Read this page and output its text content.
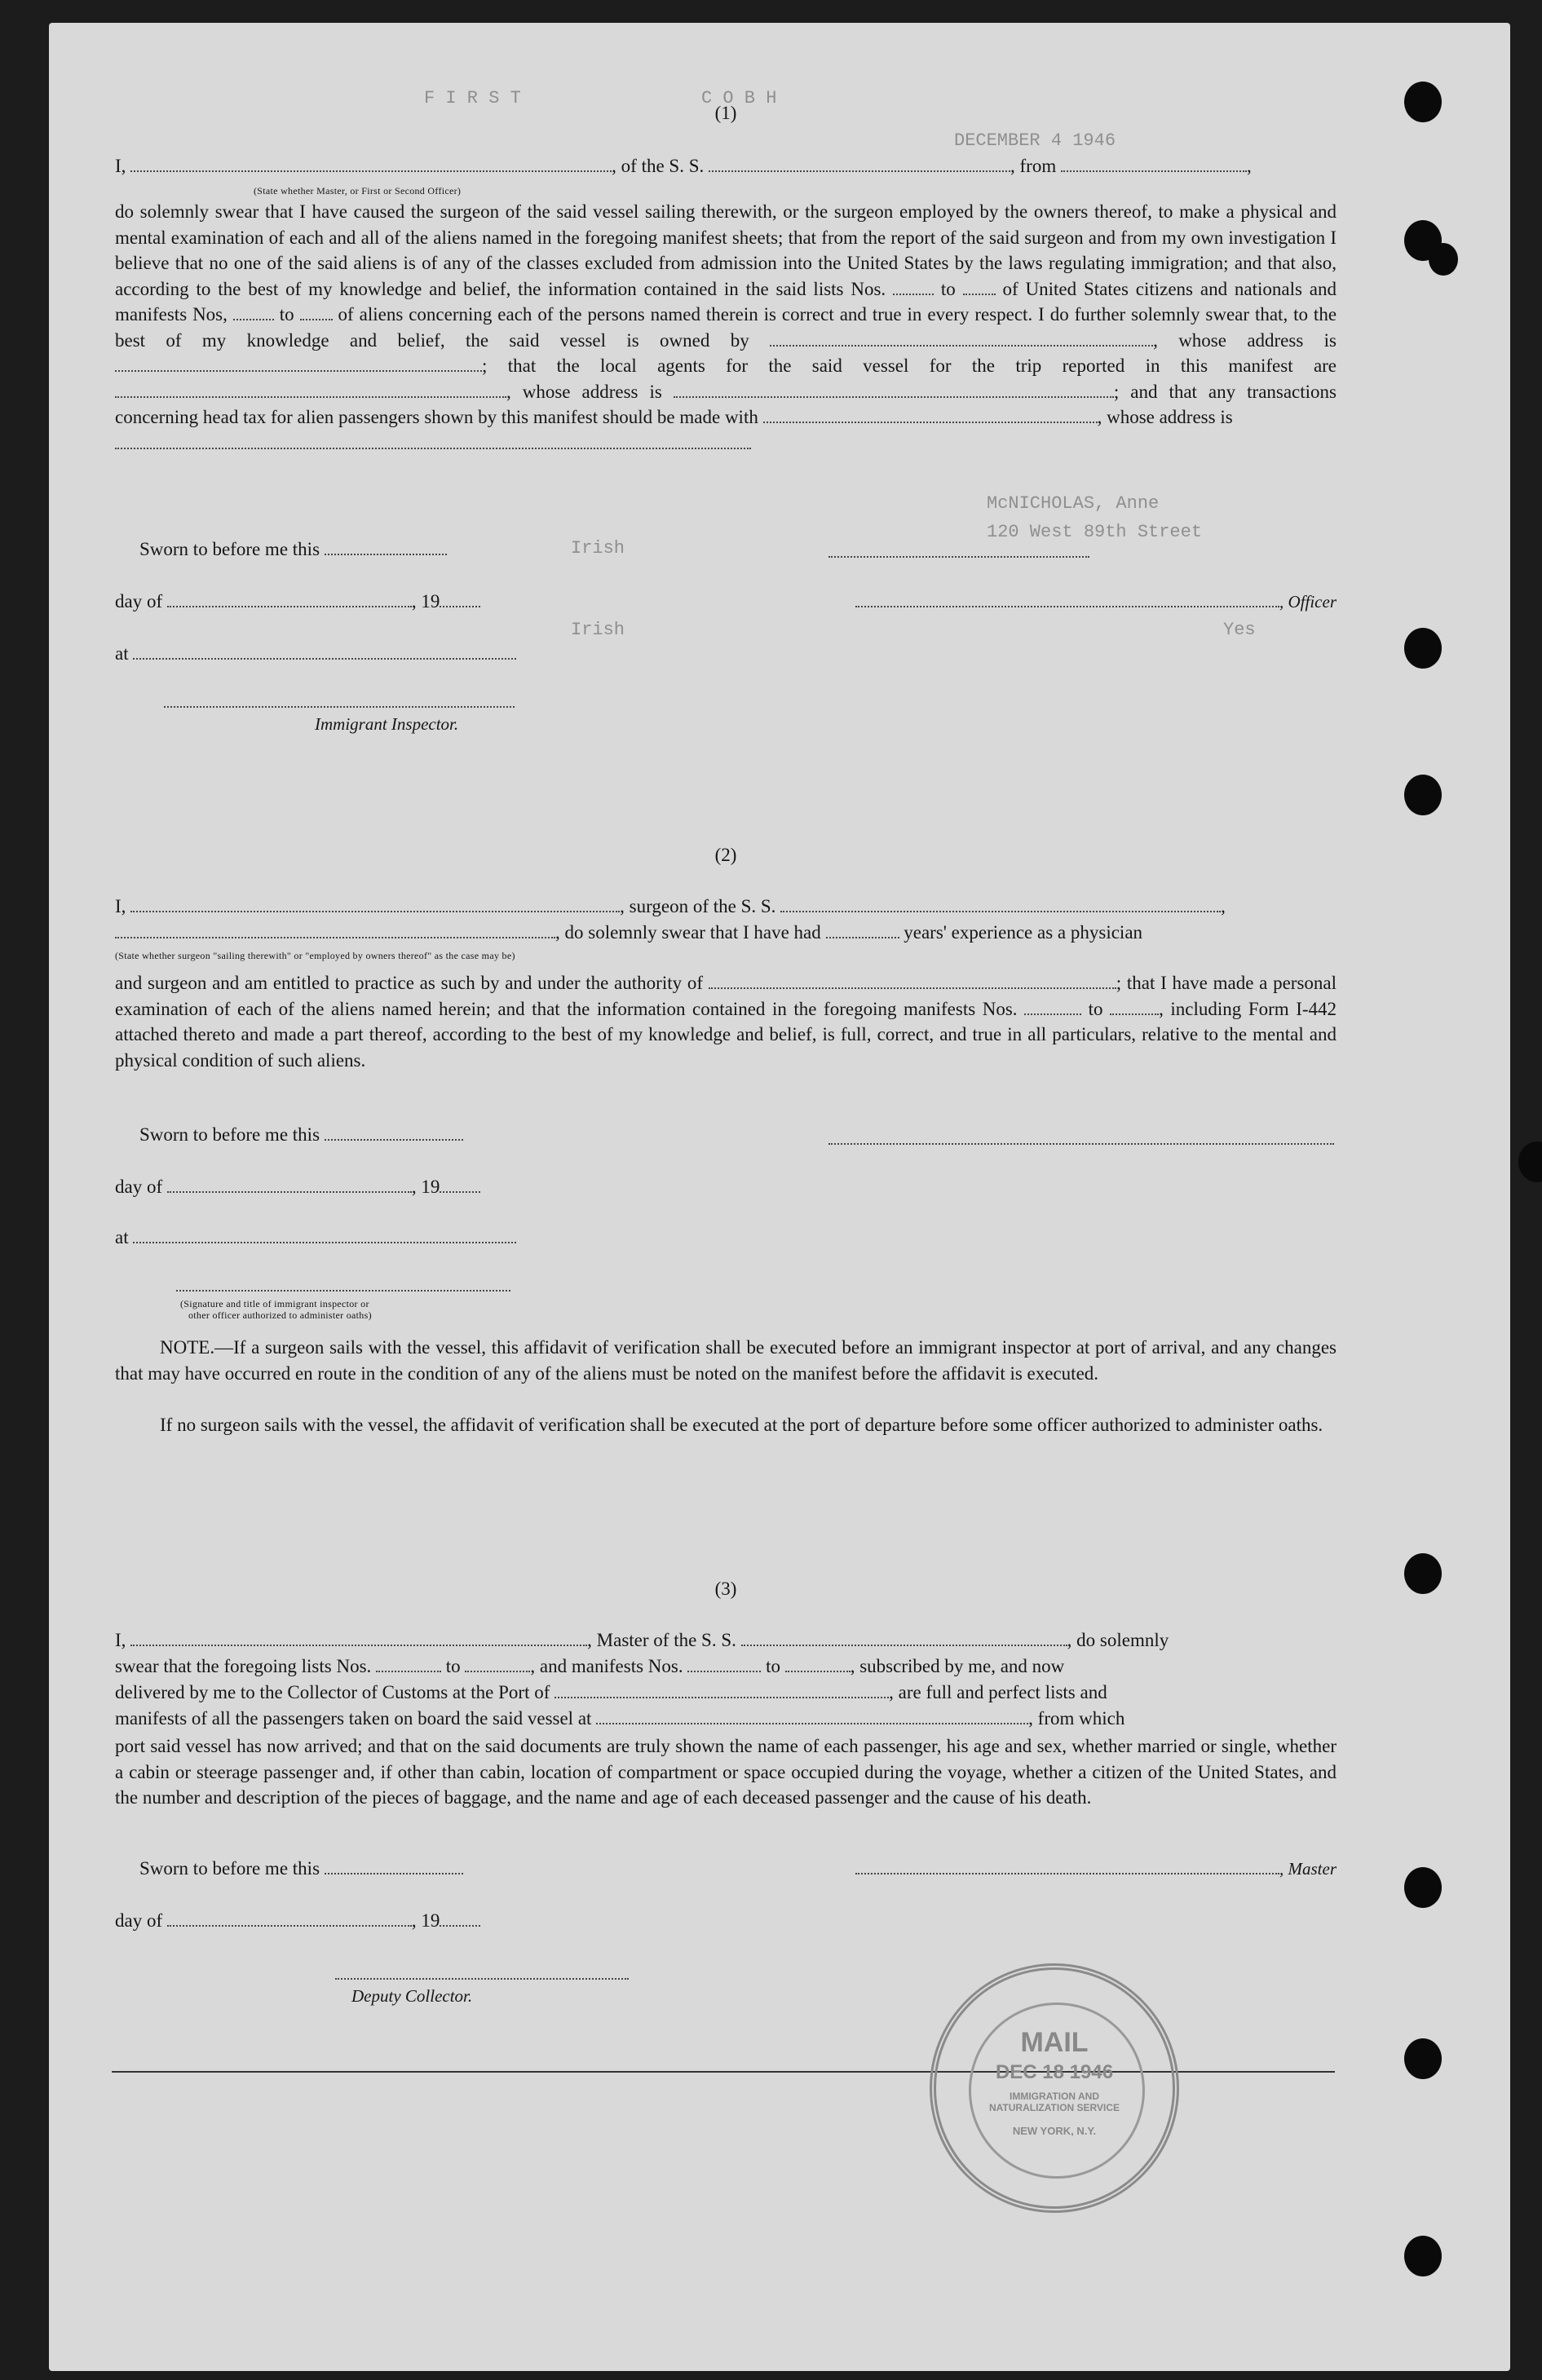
F I R S T	C O B H
DECEMBER 4 1946
Irish
120 West 89th Street
McNICHOLAS, Anne
Irish	Yes
(1)
I,	, of the S. S.	, from	,
(State whether Master, or First or Second Officer)
do solemnly swear that I have caused the surgeon of the said vessel sailing therewith, or the surgeon employed by the owners thereof, to make a physical and mental examination of each and all of the aliens named in the foregoing manifest sheets; that from the report of the said surgeon and from my own investigation I believe that no one of the said aliens is of any of the classes excluded from admission into the United States by the laws regulating immigration; and that also, according to the best of my knowledge and belief, the information contained in the said lists Nos.	to	of United States citizens and nationals and manifests Nos,	to of aliens concerning each of the persons named therein is correct and true in every respect. I do further solemnly swear that, to the best of my knowledge and belief, the said vessel is owned by	, whose address is ; that the local agents for the said vessel for the trip reported in this manifest are , whose address is	; and that any transactions concerning head tax for alien passengers shown by this manifest should be made with	, whose address is

Sworn to before me this
day of	, 19	, Officer
at
Immigrant Inspector.
(2)
I,	, surgeon of the S. S.	,
, do solemnly swear that I have had	years' experience as a physician
(State whether surgeon "sailing therewith" or "employed by owners thereof" as the case may be)
and surgeon and am entitled to practice as such by and under the authority of	; that I have made a personal examination of each of the aliens named herein; and that the information contained in the foregoing manifests Nos.	to	, including Form I-442 attached thereto and made a part thereof, according to the best of my knowledge and belief, is full, correct, and true in all particulars, relative to the mental and physical condition of such aliens.
Sworn to before me this
day of	, 19
at
(Signature and title of immigrant inspector or
other officer authorized to administer oaths)
NOTE.—If a surgeon sails with the vessel, this affidavit of verification shall be executed before an immigrant inspector at port of arrival, and any changes that may have occurred en route in the condition of any of the aliens must be noted on the manifest before the affidavit is executed.
If no surgeon sails with the vessel, the affidavit of verification shall be executed at the port of departure before some officer authorized to administer oaths.
(3)
I,	, Master of the S. S.	, do solemnly
swear that the foregoing lists Nos.	to	, and manifests Nos.	to	, subscribed by me, and now
delivered by me to the Collector of Customs at the Port of	, are full and perfect lists and
manifests of all the passengers taken on board the said vessel at	, from which
port said vessel has now arrived; and that on the said documents are truly shown the name of each passenger, his age and sex, whether married or single, whether a cabin or steerage passenger and, if other than cabin, location of compartment or space occupied during the voyage, whether a citizen of the United States, and the number and description of the pieces of baggage, and the name and age of each deceased passenger and the cause of his death.
Sworn to before me this	, Master
day of	, 19
Deputy Collector.
MAIL
DEC 18 1946
IMMIGRATION AND NATURALIZATION SERVICE
NEW YORK, N.Y.
